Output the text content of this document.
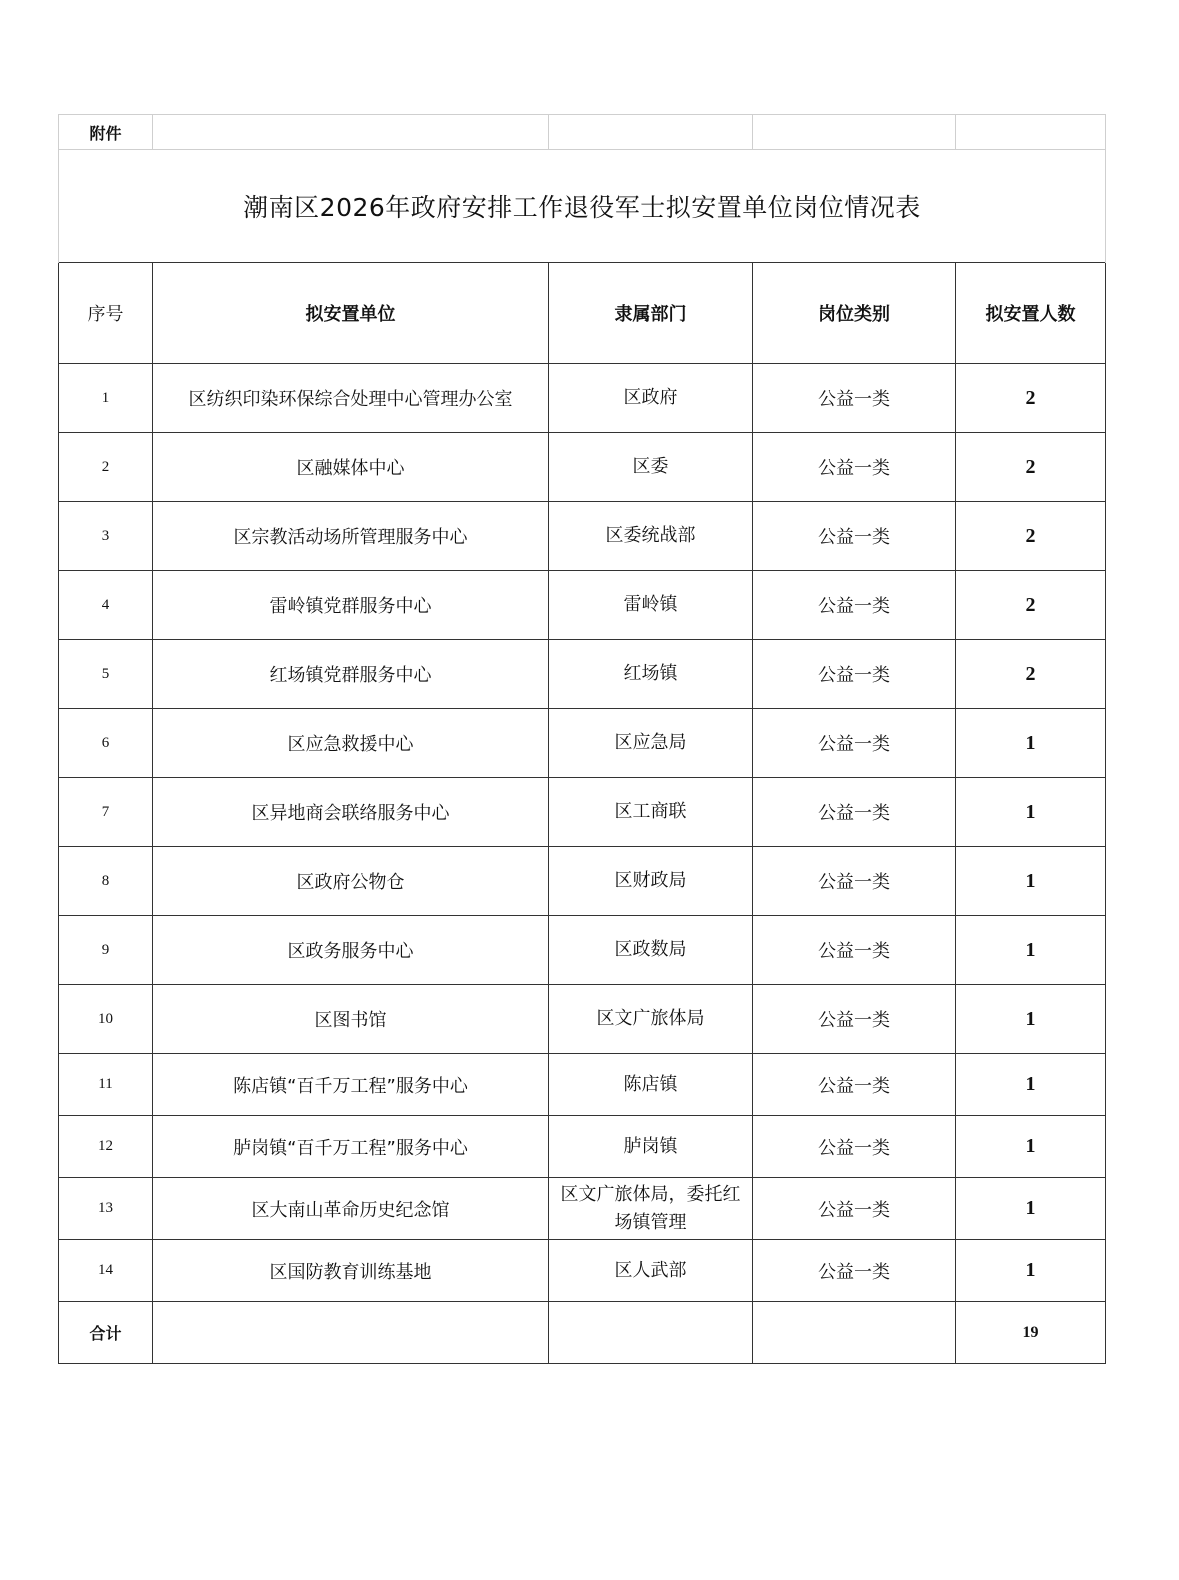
附件				
潮南区2026年政府安排工作退役军士拟安置单位岗位情况表				
序号	拟安置单位	隶属部门	岗位类别	拟安置人数
1	区纺织印染环保综合处理中心管理办公室	区政府	公益一类	2
2	区融媒体中心	区委	公益一类	2
3	区宗教活动场所管理服务中心	区委统战部	公益一类	2
4	雷岭镇党群服务中心	雷岭镇	公益一类	2
5	红场镇党群服务中心	红场镇	公益一类	2
6	区应急救援中心	区应急局	公益一类	1
7	区异地商会联络服务中心	区工商联	公益一类	1
8	区政府公物仓	区财政局	公益一类	1
9	区政务服务中心	区政数局	公益一类	1
10	区图书馆	区文广旅体局	公益一类	1
11	陈店镇“百千万工程”服务中心	陈店镇	公益一类	1
12	胪岗镇“百千万工程”服务中心	胪岗镇	公益一类	1
13	区大南山革命历史纪念馆	区文广旅体局，委托红场镇管理	公益一类	1
14	区国防教育训练基地	区人武部	公益一类	1
合计				19
